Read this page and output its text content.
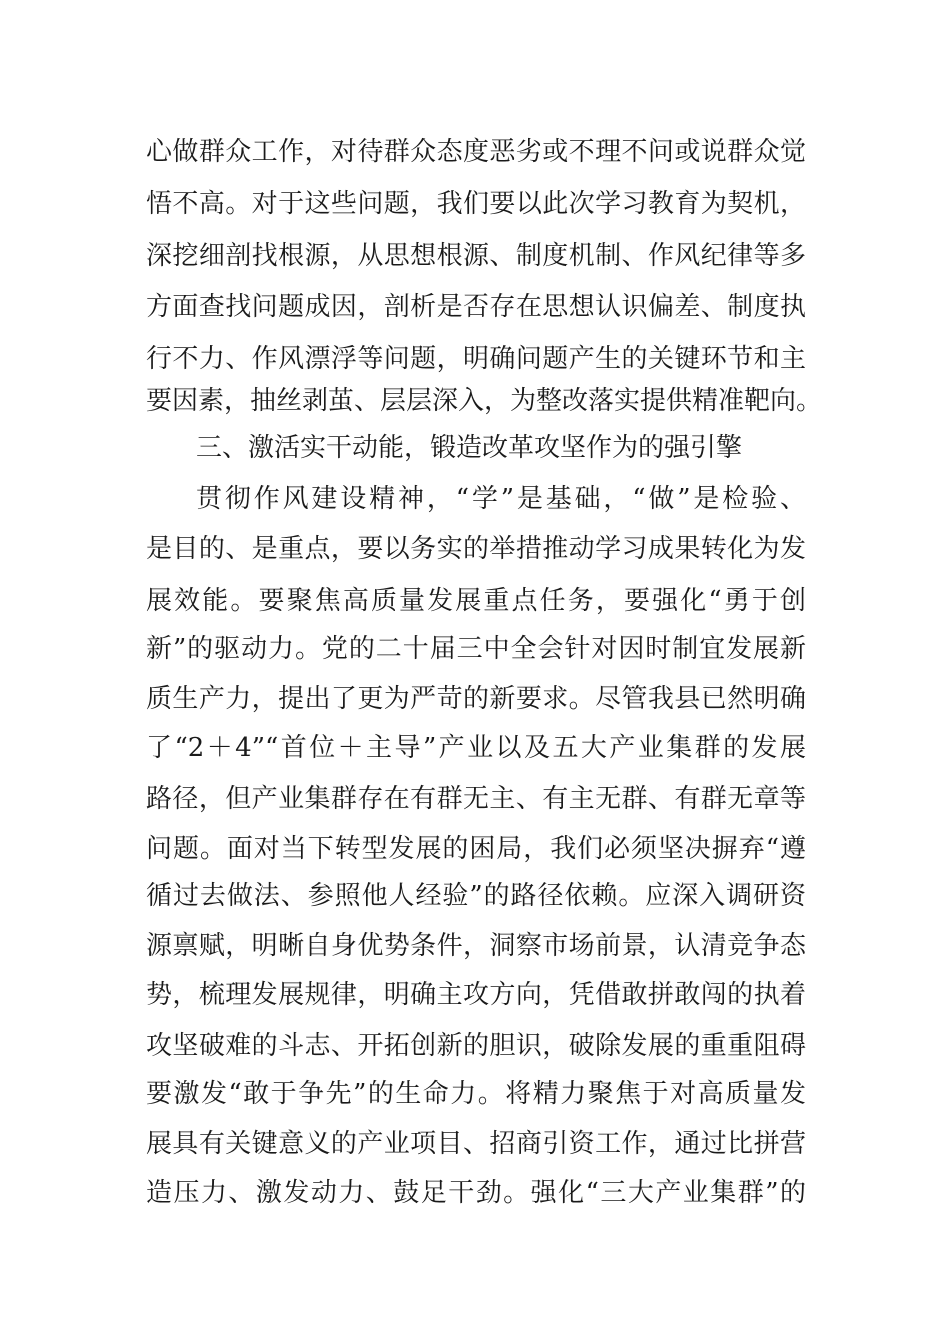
心做群众工作，对待群众态度恶劣或不理不问或说群众觉
悟不高。对于这些问题，我们要以此次学习教育为契机，
深挖细剖找根源，从思想根源、制度机制、作风纪律等多
方面查找问题成因，剖析是否存在思想认识偏差、制度执
行不力、作风漂浮等问题，明确问题产生的关键环节和主
要因素，抽丝剥茧、层层深入，为整改落实提供精准靶向。
三、激活实干动能，锻造改革攻坚作为的强引擎
贯彻作风建设精神，“学”是基础，“做”是检验、
是目的、是重点，要以务实的举措推动学习成果转化为发
展效能。要聚焦高质量发展重点任务，要强化“勇于创
新”的驱动力。党的二十届三中全会针对因时制宜发展新
质生产力，提出了更为严苛的新要求。尽管我县已然明确
了“2＋4”“首位＋主导”产业以及五大产业集群的发展
路径，但产业集群存在有群无主、有主无群、有群无章等
问题。面对当下转型发展的困局，我们必须坚决摒弃“遵
循过去做法、参照他人经验”的路径依赖。应深入调研资
源禀赋，明晰自身优势条件，洞察市场前景，认清竞争态
势，梳理发展规律，明确主攻方向，凭借敢拼敢闯的执着
攻坚破难的斗志、开拓创新的胆识，破除发展的重重阻碍
要激发“敢于争先”的生命力。将精力聚焦于对高质量发
展具有关键意义的产业项目、招商引资工作，通过比拼营
造压力、激发动力、鼓足干劲。强化“三大产业集群”的
